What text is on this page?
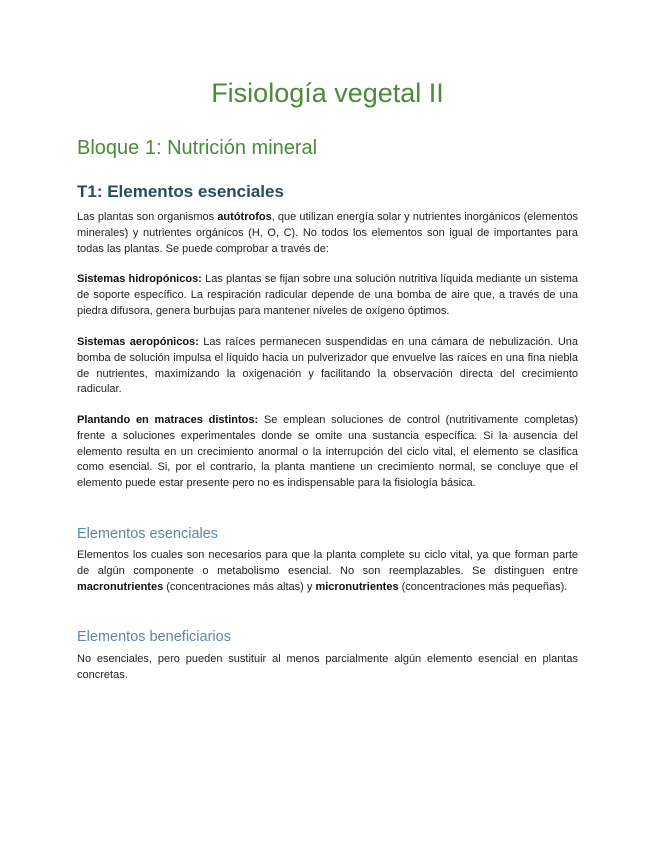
Fisiología vegetal II
Bloque 1: Nutrición mineral
T1: Elementos esenciales

Las plantas son organismos autótrofos, que utilizan energía solar y nutrientes inorgánicos (elementos minerales) y nutrientes orgánicos (H, O, C). No todos los elementos son igual de importantes para todas las plantas. Se puede comprobar a través de:

Sistemas hidropónicos: Las plantas se fijan sobre una solución nutritiva líquida mediante un sistema de soporte específico. La respiración radicular depende de una bomba de aire que, a través de una piedra difusora, genera burbujas para mantener niveles de oxígeno óptimos.

Sistemas aeropónicos: Las raíces permanecen suspendidas en una cámara de nebulización. Una bomba de solución impulsa el líquido hacia un pulverizador que envuelve las raíces en una fina niebla de nutrientes, maximizando la oxigenación y facilitando la observación directa del crecimiento radicular.

Plantando en matraces distintos: Se emplean soluciones de control (nutritivamente completas) frente a soluciones experimentales donde se omite una sustancia específica. Si la ausencia del elemento resulta en un crecimiento anormal o la interrupción del ciclo vital, el elemento se clasifica como esencial. Si, por el contrario, la planta mantiene un crecimiento normal, se concluye que el elemento puede estar presente pero no es indispensable para la fisiología básica.

Elementos esenciales

Elementos los cuales son necesarios para que la planta complete su ciclo vital, ya que forman parte de algún componente o metabolismo esencial. No son reemplazables. Se distinguen entre macronutrientes (concentraciones más altas) y micronutrientes (concentraciones más pequeñas).

Elementos beneficiarios

No esenciales, pero pueden sustituir al menos parcialmente algún elemento esencial en plantas concretas.
